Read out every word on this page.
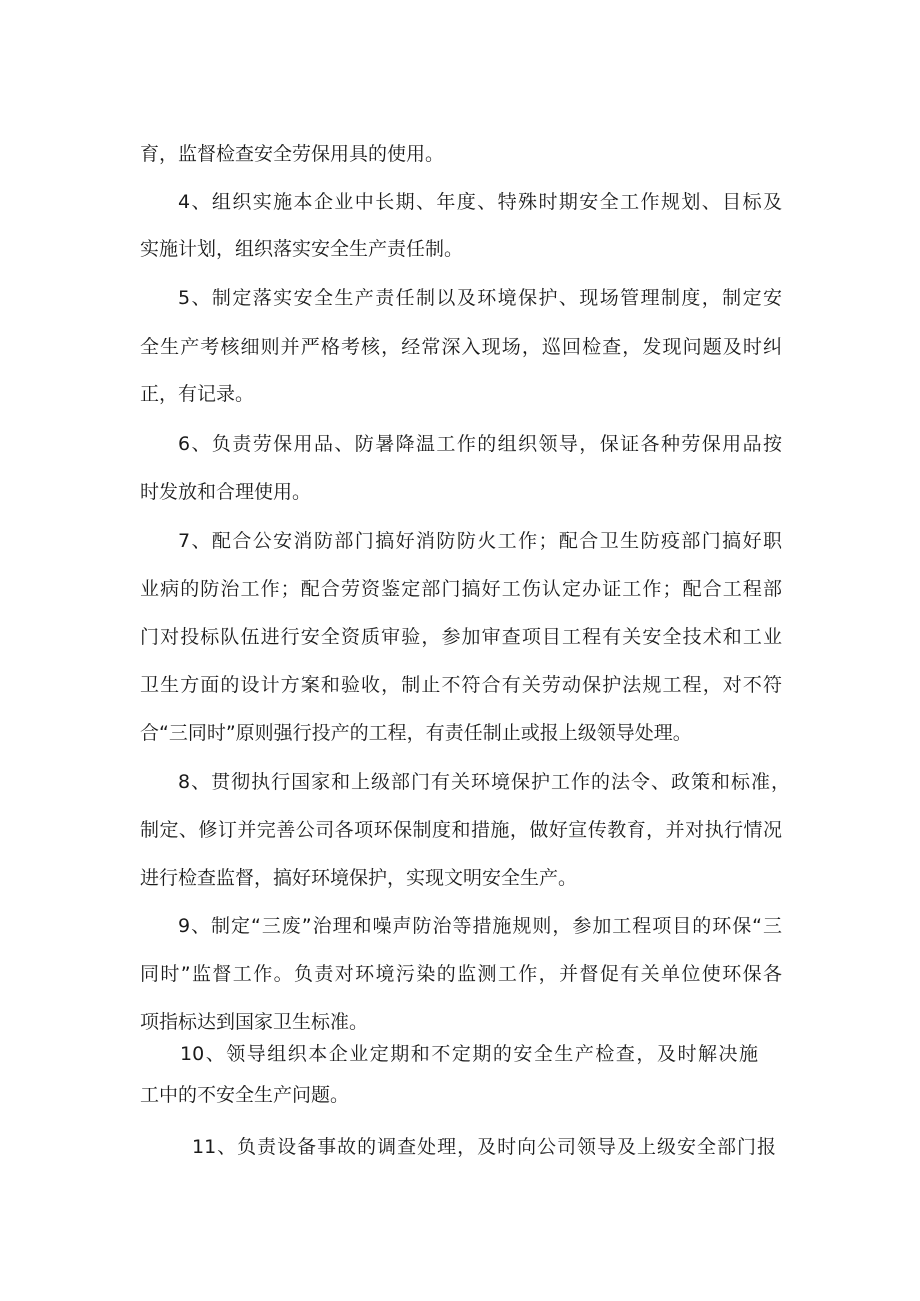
育，监督检查安全劳保用具的使用。

4、组织实施本企业中长期、年度、特殊时期安全工作规划、目标及

实施计划，组织落实安全生产责任制。

5、制定落实安全生产责任制以及环境保护、现场管理制度，制定安

全生产考核细则并严格考核，经常深入现场，巡回检查，发现问题及时纠

正，有记录。

6、负责劳保用品、防暑降温工作的组织领导，保证各种劳保用品按

时发放和合理使用。

7、配合公安消防部门搞好消防防火工作；配合卫生防疫部门搞好职

业病的防治工作；配合劳资鉴定部门搞好工伤认定办证工作；配合工程部

门对投标队伍进行安全资质审验，参加审查项目工程有关安全技术和工业

卫生方面的设计方案和验收，制止不符合有关劳动保护法规工程，对不符

合“三同时”原则强行投产的工程，有责任制止或报上级领导处理。

8、贯彻执行国家和上级部门有关环境保护工作的法令、政策和标准，

制定、修订并完善公司各项环保制度和措施，做好宣传教育，并对执行情况

进行检查监督，搞好环境保护，实现文明安全生产。

9、制定“三废”治理和噪声防治等措施规则，参加工程项目的环保“三

同时”监督工作。负责对环境污染的监测工作，并督促有关单位使环保各

项指标达到国家卫生标准。

10、领导组织本企业定期和不定期的安全生产检查，及时解决施

工中的不安全生产问题。

11、负责设备事故的调查处理，及时向公司领导及上级安全部门报
